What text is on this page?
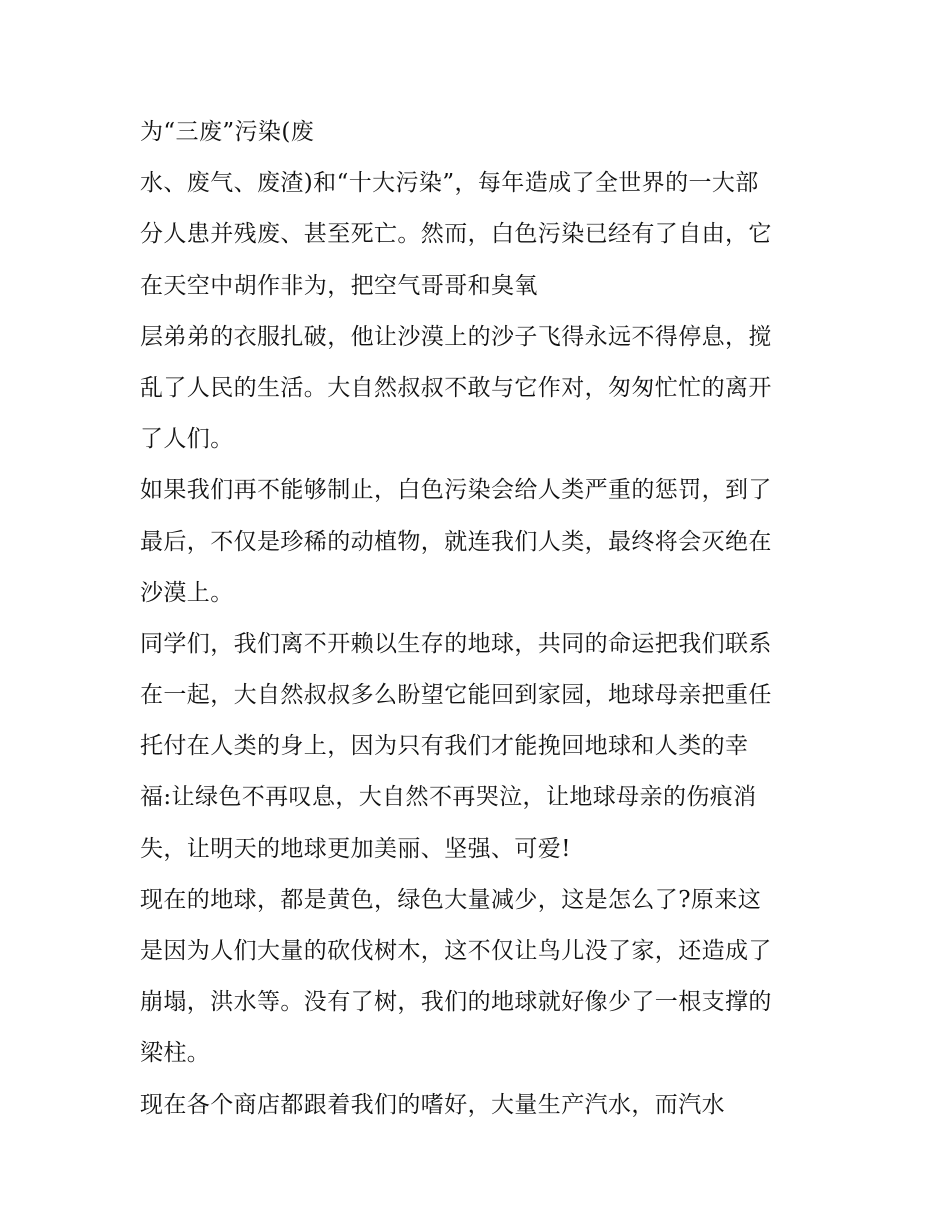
为“三废”污染(废
水、废气、废渣)和“十大污染”，每年造成了全世界的一大部
分人患并残废、甚至死亡。然而，白色污染已经有了自由，它
在天空中胡作非为，把空气哥哥和臭氧
层弟弟的衣服扎破，他让沙漠上的沙子飞得永远不得停息，搅
乱了人民的生活。大自然叔叔不敢与它作对，匆匆忙忙的离开
了人们。
如果我们再不能够制止，白色污染会给人类严重的惩罚，到了
最后，不仅是珍稀的动植物，就连我们人类，最终将会灭绝在
沙漠上。
同学们，我们离不开赖以生存的地球，共同的命运把我们联系
在一起，大自然叔叔多么盼望它能回到家园，地球母亲把重任
托付在人类的身上，因为只有我们才能挽回地球和人类的幸
福:让绿色不再叹息，大自然不再哭泣，让地球母亲的伤痕消
失，让明天的地球更加美丽、坚强、可爱!
现在的地球，都是黄色，绿色大量减少，这是怎么了?原来这
是因为人们大量的砍伐树木，这不仅让鸟儿没了家，还造成了
崩塌，洪水等。没有了树，我们的地球就好像少了一根支撑的
梁柱。
现在各个商店都跟着我们的嗜好，大量生产汽水，而汽水
